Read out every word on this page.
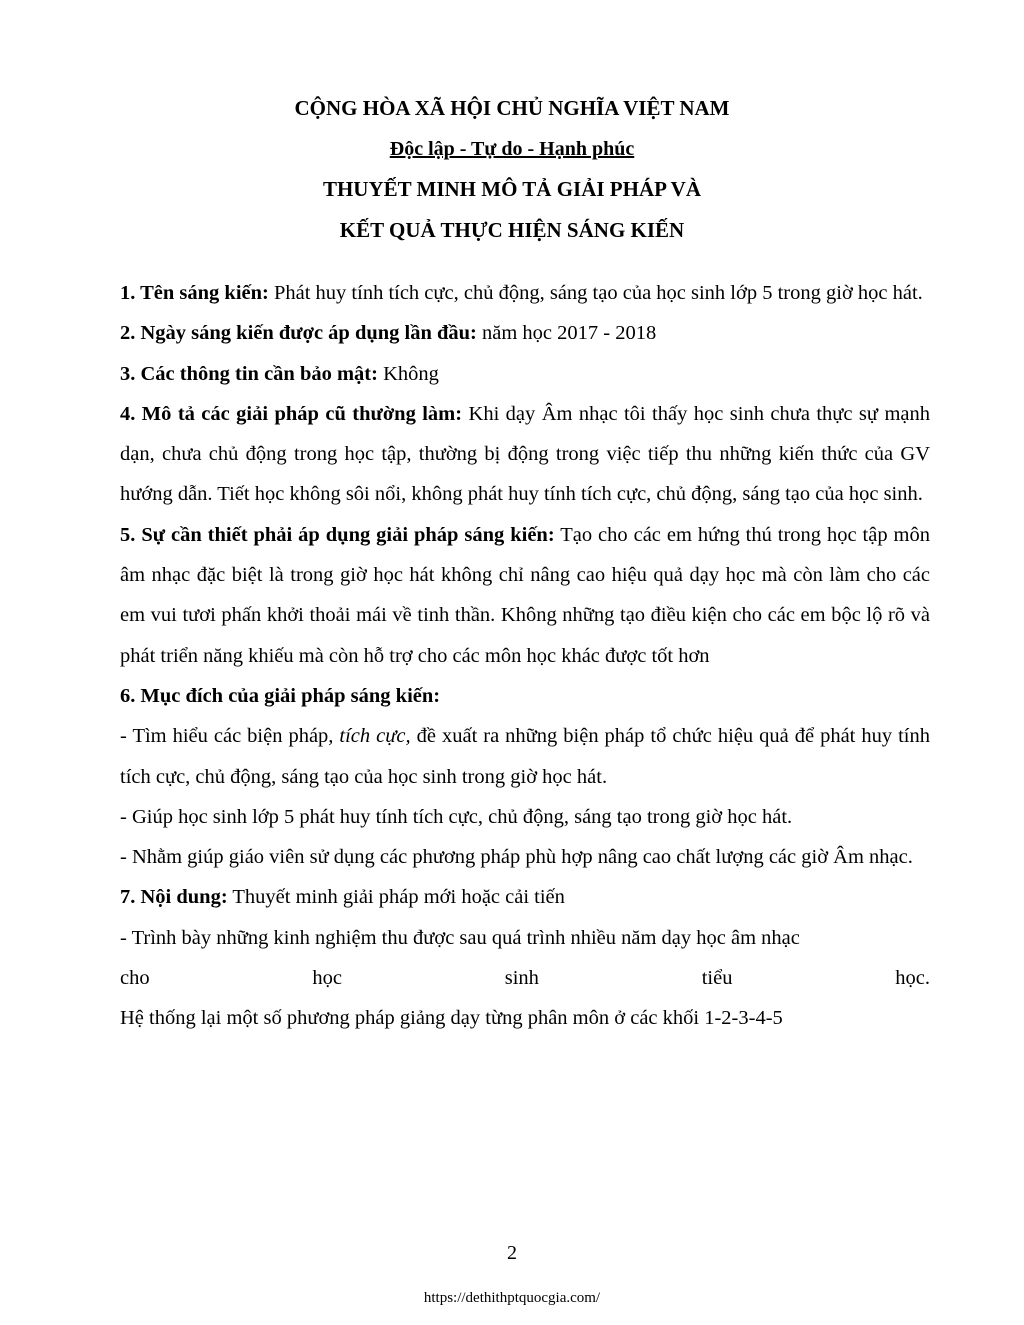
CỘNG HÒA XÃ HỘI CHỦ NGHĨA VIỆT NAM
Độc lập - Tự do - Hạnh phúc
THUYẾT MINH MÔ TẢ GIẢI PHÁP VÀ
KẾT QUẢ THỰC HIỆN SÁNG KIẾN

1. Tên sáng kiến: Phát huy tính tích cực, chủ động, sáng tạo của học sinh lớp 5 trong giờ học hát.

2. Ngày sáng kiến được áp dụng lần đầu: năm học 2017 - 2018

3. Các thông tin cần bảo mật: Không

4. Mô tả các giải pháp cũ thường làm: Khi dạy Âm nhạc tôi thấy học sinh chưa thực sự mạnh dạn, chưa chủ động trong học tập, thường bị động trong việc tiếp thu những kiến thức của GV hướng dẫn. Tiết học không sôi nổi, không phát huy tính tích cực, chủ động, sáng tạo của học sinh.

5. Sự cần thiết phải áp dụng giải pháp sáng kiến: Tạo cho các em hứng thú trong học tập môn âm nhạc đặc biệt là trong giờ học hát không chỉ nâng cao hiệu quả dạy học mà còn làm cho các em vui tươi phấn khởi thoải mái về tinh thần. Không những tạo điều kiện cho các em bộc lộ rõ và phát triển năng khiếu mà còn hỗ trợ cho các môn học khác được tốt hơn

6. Mục đích của giải pháp sáng kiến:

- Tìm hiểu các biện pháp, tích cực, đề xuất ra những biện pháp tổ chức hiệu quả để phát huy tính tích cực, chủ động, sáng tạo của học sinh trong giờ học hát.

- Giúp học sinh lớp 5 phát huy tính tích cực, chủ động, sáng tạo trong giờ học hát.

- Nhằm giúp giáo viên sử dụng các phương pháp phù hợp nâng cao chất lượng các giờ Âm nhạc.

7. Nội dung: Thuyết minh giải pháp mới hoặc cải tiến

- Trình bày những kinh nghiệm thu được sau quá trình nhiều năm dạy học âm nhạc

cho	học	sinh	tiểu	học.

Hệ thống lại một số phương pháp giảng dạy từng phân môn ở các khối 1-2-3-4-5

2
https://dethithptquocgia.com/
